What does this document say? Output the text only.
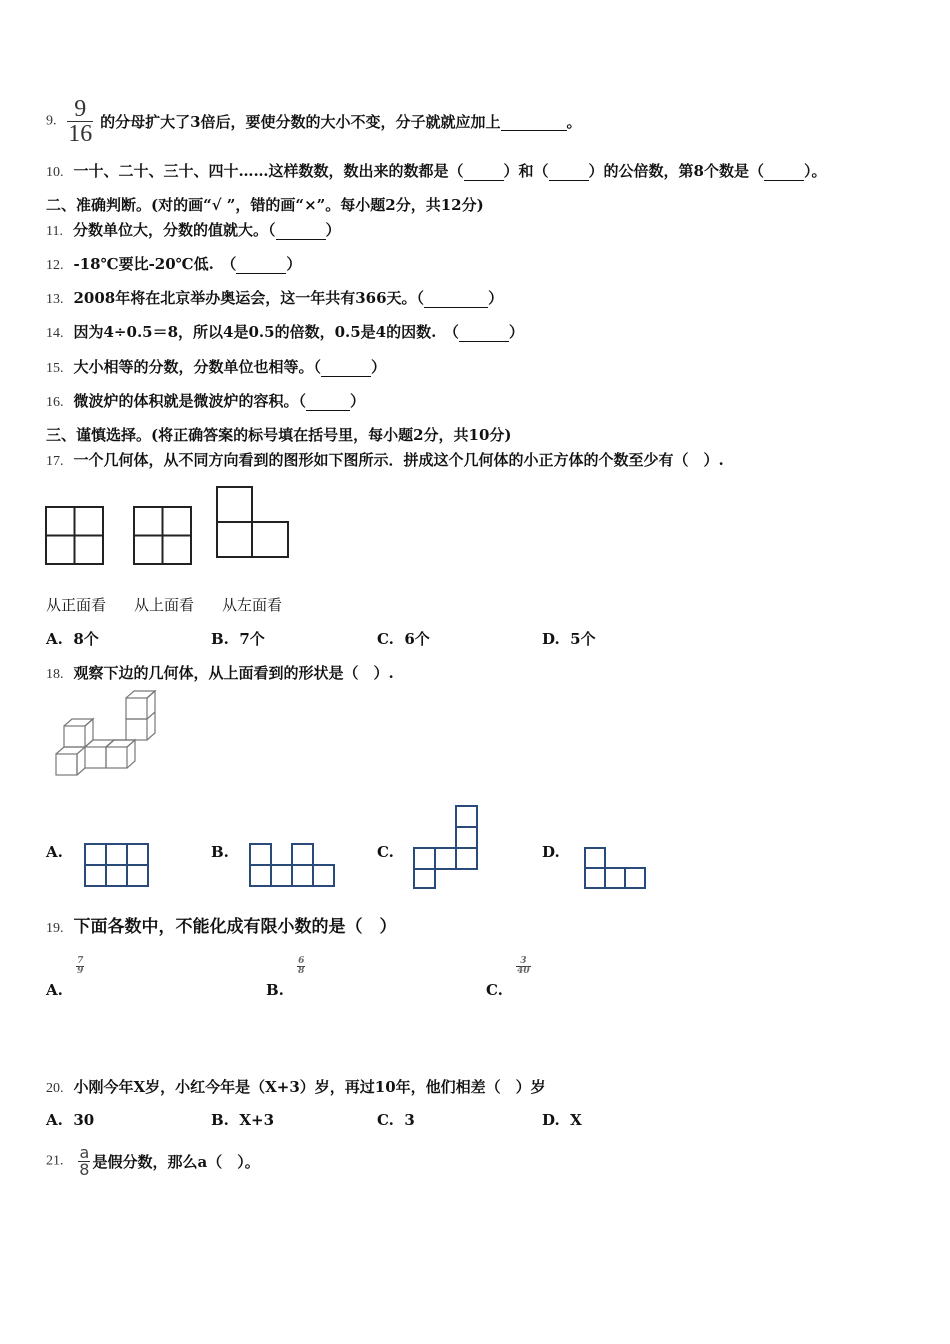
9. $\frac{9}{16}$ 的分母扩大了3倍后，要使分数的大小不变，分子就就应加上	。
10. 一十、二十、三十、四十……这样数数，数出来的数都是（	）和（	）的公倍数，第8个数是（	）。
二、准确判断。(对的画“√ ”，错的画“×”。每小题2分，共12分)
11. 分数单位大，分数的值就大。（	）
12. -18℃要比-20℃低.　（	）
13. 2008年将在北京举办奥运会，这一年共有366天。（	）
14. 因为4÷0.5＝8，所以4是0.5的倍数，0.5是4的因数.　（	）
15. 大小相等的分数，分数单位也相等。（	）
16. 微波炉的体积就是微波炉的容积。（	）
三、谨慎选择。(将正确答案的标号填在括号里，每小题2分，共10分)
17. 一个几何体，从不同方向看到的图形如下图所示．拼成这个几何体的小正方体的个数至少有（　）.
从正面看 从上面看 从左面看
A. 8个	B. 7个	C. 6个	D. 5个
18. 观察下边的几何体，从上面看到的形状是（　）.
A.	B.	C.	D.
19. 下面各数中，不能化成有限小数的是（　）
A.
$\frac{7}{9}$
B.
$\frac{6}{8}$
C.
$\frac{3}{40}$
20. 小刚今年X岁，小红今年是（X+3）岁，再过10年，他们相差（　）岁
A. 30	B. X+3	C. 3	D. X
21. $\frac{a}{8}$ 是假分数，那么a（　）。
